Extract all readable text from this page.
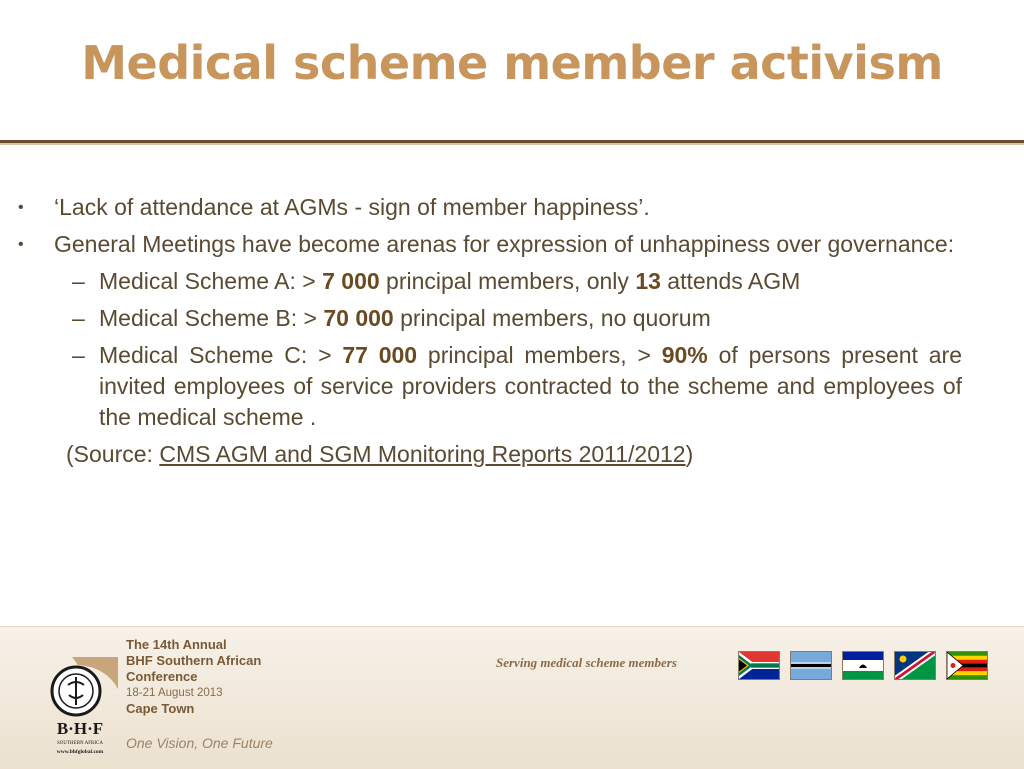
Medical scheme member activism
• ‘Lack of attendance at AGMs - sign of member happiness’.
• General Meetings have become arenas for expression of unhappiness over governance:
– Medical Scheme A: > 7 000 principal members, only 13 attends AGM
– Medical Scheme B: > 70 000 principal members, no quorum
– Medical Scheme C: > 77 000 principal members, > 90% of persons present are invited employees of service providers contracted to the scheme and employees of the medical scheme .
(Source: CMS AGM and SGM Monitoring Reports 2011/2012)
B·H·F
SOUTHERN AFRICA
www.bhfglobal.com
The 14th Annual
BHF Southern African
Conference
18-21 August 2013
Cape Town
One Vision, One Future
Serving medical scheme members
